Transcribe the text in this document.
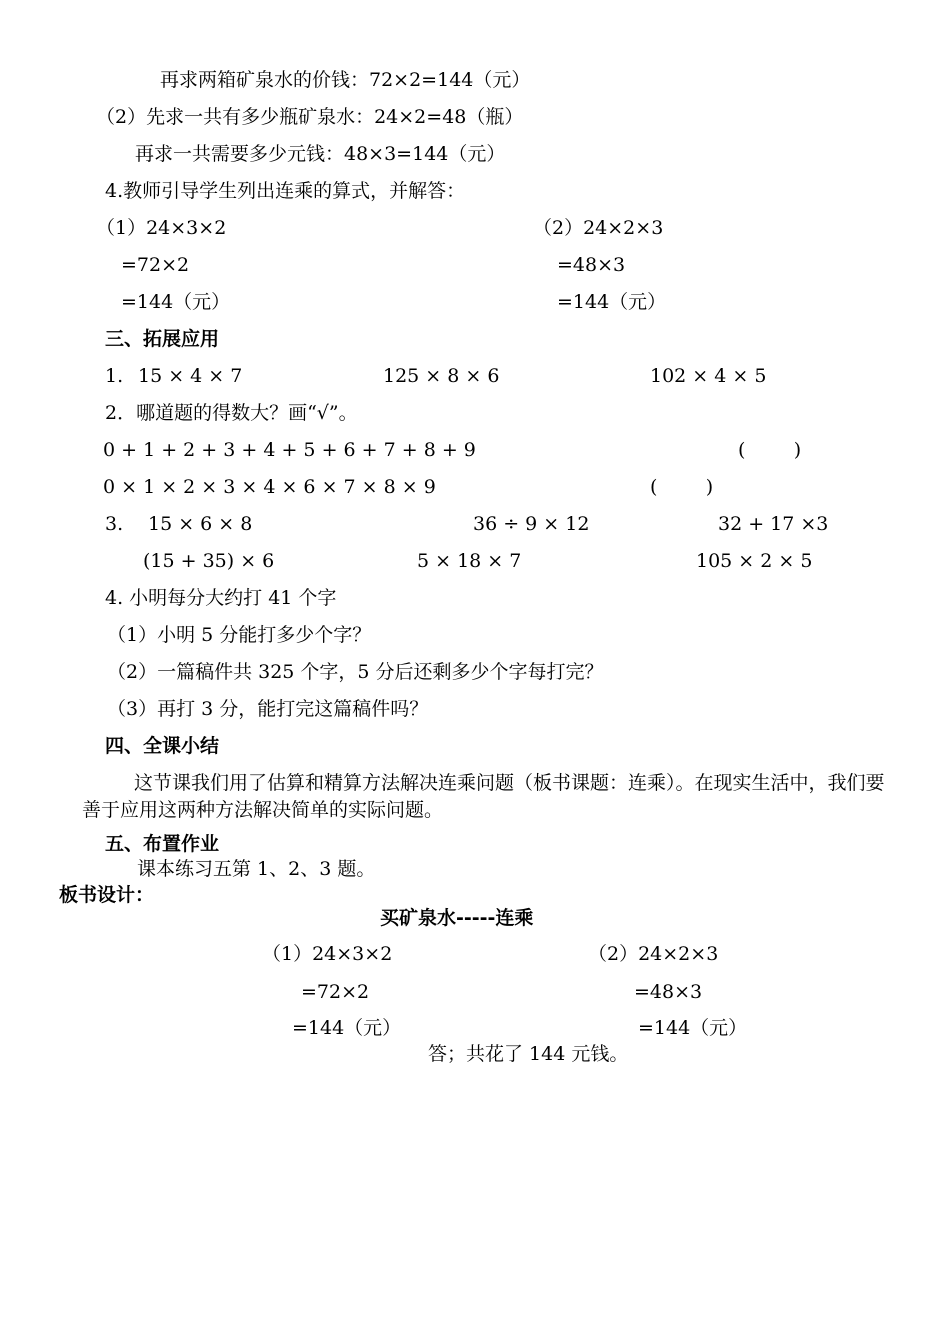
再求两箱矿泉水的价钱：72×2=144（元）
（2）先求一共有多少瓶矿泉水：24×2=48（瓶）
再求一共需要多少元钱：48×3=144（元）
4.教师引导学生列出连乘的算式，并解答：
（1）24×3×2
=72×2
=144（元）
（2）24×2×3
=48×3
=144（元）
三、拓展应用
1. 15 × 4 × 7	125 × 8 × 6	102 × 4 × 5
2．哪道题的得数大？画“√”。
0 + 1 + 2 + 3 + 4 + 5 + 6 + 7 + 8 + 9	(        )
0 × 1 × 2 × 3 × 4 × 6 × 7 × 8 × 9	(        )
3. 15 × 6 × 8	36 ÷ 9 × 12	32 + 17 ×3
(15 + 35) × 6	5 × 18 × 7	105 × 2 × 5
4. 小明每分大约打 41 个字
（1）小明 5 分能打多少个字？
（2）一篇稿件共 325 个字，5 分后还剩多少个字每打完？
（3）再打 3 分，能打完这篇稿件吗？
四、全课小结
这节课我们用了估算和精算方法解决连乘问题（板书课题：连乘）。在现实生活中，我们要善于应用这两种方法解决简单的实际问题。
五、布置作业
课本练习五第 1、2、3 题。
板书设计：
买矿泉水-----连乘
（1）24×3×2
=72×2
=144（元）
（2）24×2×3
=48×3
=144（元）
答；共花了 144 元钱。
